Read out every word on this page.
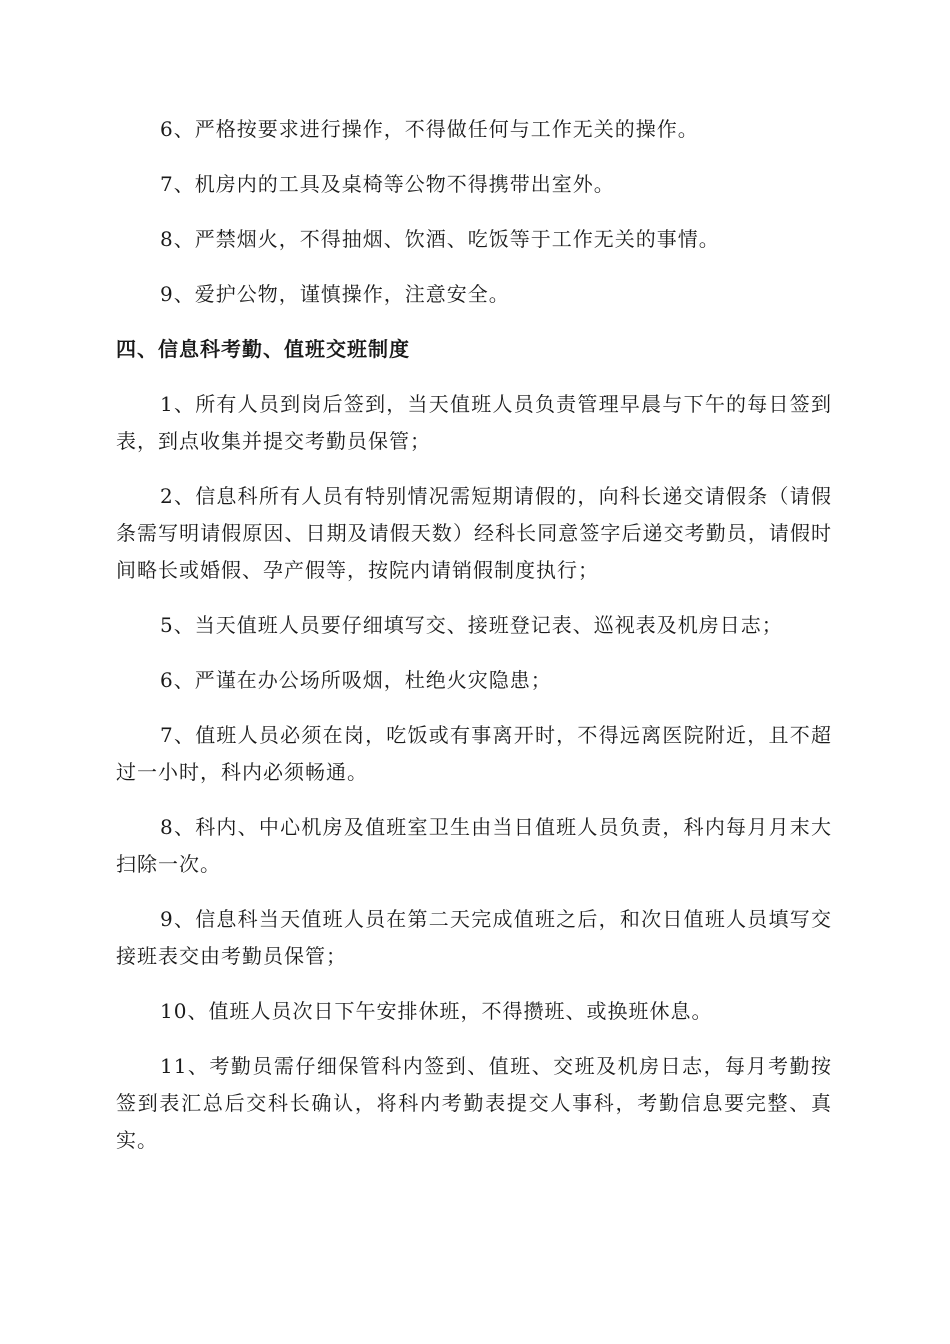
6、严格按要求进行操作，不得做任何与工作无关的操作。

7、机房内的工具及桌椅等公物不得携带出室外。

8、严禁烟火，不得抽烟、饮酒、吃饭等于工作无关的事情。

9、爱护公物，谨慎操作，注意安全。

四、信息科考勤、值班交班制度

1、所有人员到岗后签到，当天值班人员负责管理早晨与下午的每日签到表，到点收集并提交考勤员保管；

2、信息科所有人员有特别情况需短期请假的，向科长递交请假条（请假条需写明请假原因、日期及请假天数）经科长同意签字后递交考勤员，请假时间略长或婚假、孕产假等，按院内请销假制度执行；

5、当天值班人员要仔细填写交、接班登记表、巡视表及机房日志；

6、严谨在办公场所吸烟，杜绝火灾隐患；

7、值班人员必须在岗，吃饭或有事离开时，不得远离医院附近，且不超过一小时，科内必须畅通。

8、科内、中心机房及值班室卫生由当日值班人员负责，科内每月月末大扫除一次。

9、信息科当天值班人员在第二天完成值班之后，和次日值班人员填写交接班表交由考勤员保管；

10、值班人员次日下午安排休班，不得攒班、或换班休息。

11、考勤员需仔细保管科内签到、值班、交班及机房日志，每月考勤按签到表汇总后交科长确认，将科内考勤表提交人事科，考勤信息要完整、真实。
